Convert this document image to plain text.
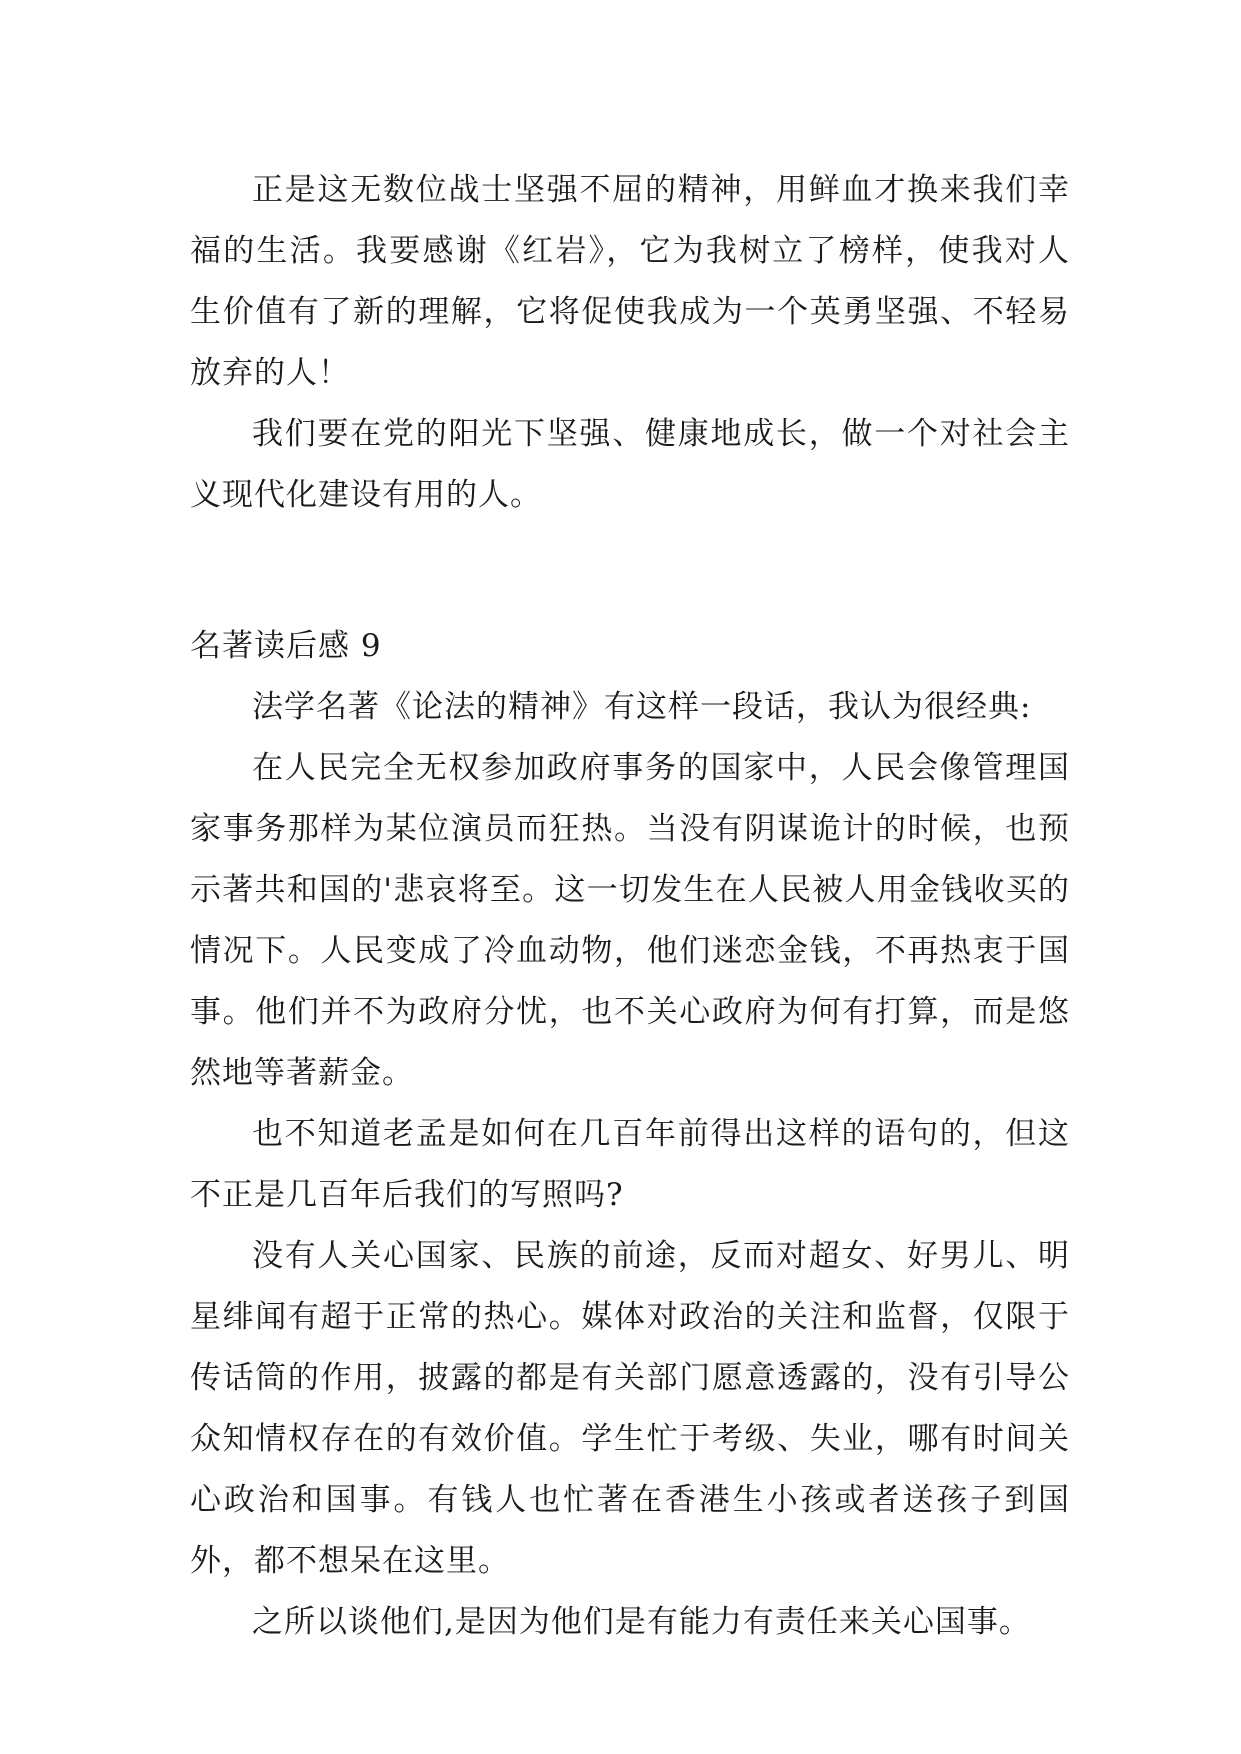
正是这无数位战士坚强不屈的精神，用鲜血才换来我们幸福的生活。我要感谢《红岩》，它为我树立了榜样，使我对人生价值有了新的理解，它将促使我成为一个英勇坚强、不轻易放弃的人！

我们要在党的阳光下坚强、健康地成长，做一个对社会主义现代化建设有用的人。

名著读后感 9

法学名著《论法的精神》有这样一段话，我认为很经典:

在人民完全无权参加政府事务的国家中，人民会像管理国家事务那样为某位演员而狂热。当没有阴谋诡计的时候，也预示著共和国的'悲哀将至。这一切发生在人民被人用金钱收买的情况下。人民变成了冷血动物，他们迷恋金钱，不再热衷于国事。他们并不为政府分忧，也不关心政府为何有打算，而是悠然地等著薪金。

也不知道老孟是如何在几百年前得出这样的语句的，但这不正是几百年后我们的写照吗?

没有人关心国家、民族的前途，反而对超女、好男儿、明星绯闻有超于正常的热心。媒体对政治的关注和监督，仅限于传话筒的作用，披露的都是有关部门愿意透露的，没有引导公众知情权存在的有效价值。学生忙于考级、失业，哪有时间关心政治和国事。有钱人也忙著在香港生小孩或者送孩子到国外，都不想呆在这里。

之所以谈他们,是因为他们是有能力有责任来关心国事。
